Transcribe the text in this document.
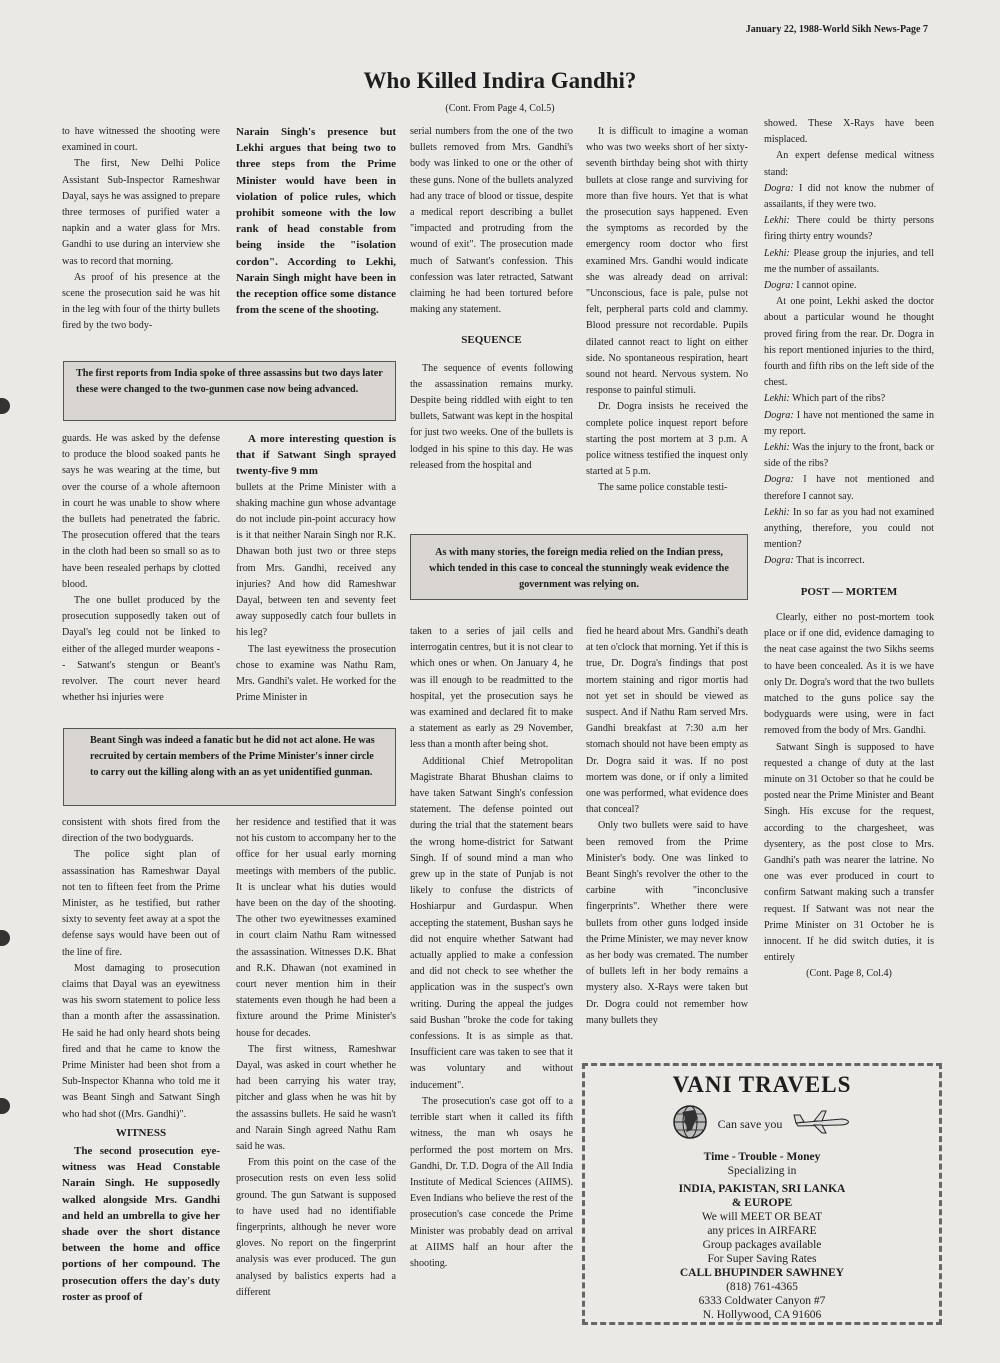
January 22, 1988-World Sikh News-Page 7
Who Killed Indira Gandhi?
(Cont. From Page 4, Col.5)

to have witnessed the shooting were examined in court.

The first, New Delhi Police Assistant Sub-Inspector Rameshwar Dayal, says he was assigned to prepare three termoses of purified water a napkin and a water glass for Mrs. Gandhi to use during an interview she was to record that morning.

As proof of his presence at the scene the prosecution said he was hit in the leg with four of the thirty bullets fired by the two body-

Narain Singh's presence but Lekhi argues that being two to three steps from the Prime Minister would have been in violation of police rules, which prohibit someone with the low rank of head constable from being inside the "isolation cordon". According to Lekhi, Narain Singh might have been in the reception office some distance from the scene of the shooting.

The first reports from India spoke of three assassins but two days later these were changed to the two-gunmen case now being advanced.

serial numbers from the one of the two bullets removed from Mrs. Gandhi's body was linked to one or the other of these guns. None of the bullets analyzed had any trace of blood or tissue, despite a medical report describing a bullet "impacted and protruding from the wound of exit". The prosecution made much of Satwant's confession. This confession was later retracted, Satwant claiming he had been tortured before making any statement.

SEQUENCE

The sequence of events following the assassination remains murky. Despite being riddled with eight to ten bullets, Satwant was kept in the hospital for just two weeks. One of the bullets is lodged in his spine to this day. He was released from the hospital and

It is difficult to imagine a woman who was two weeks short of her sixty-seventh birthday being shot with thirty bullets at close range and surviving for more than five hours. Yet that is what the prosecution says happened. Even the symptoms as recorded by the emergency room doctor who first examined Mrs. Gandhi would indicate she was already dead on arrival: "Unconscious, face is pale, pulse not felt, perpheral parts cold and clammy. Blood pressure not recordable. Pupils dilated cannot react to light on either side. No spontaneous respiration, heart sound not heard. Nervous system. No response to painful stimuli.

Dr. Dogra insists he received the complete police inquest report before starting the post mortem at 3 p.m. A police witness testified the inquest only started at 5 p.m.

The same police constable testi-

As with many stories, the foreign media relied on the Indian press, which tended in this case to conceal the stunningly weak evidence the government was relying on.

showed. These X-Rays have been misplaced.

An expert defense medical witness stand:

Dogra: I did not know the nubmer of assailants, if they were two.

Lekhi: There could be thirty persons firing thirty entry wounds?

Lekhi: Please group the injuries, and tell me the number of assailants.

Dogra: I cannot opine.

At one point, Lekhi asked the doctor about a particular wound he thought proved firing from the rear. Dr. Dogra in his report mentioned injuries to the third, fourth and fifth ribs on the left side of the chest.

Lekhi: Which part of the ribs?

Dogra: I have not mentioned the same in my report.

Lekhi: Was the injury to the front, back or side of the ribs?

Dogra: I have not mentioned and therefore I cannot say.

Lekhi: In so far as you had not examined anything, therefore, you could not mention?

Dogra: That is incorrect.

POST — MORTEM

Clearly, either no post-mortem took place or if one did, evidence damaging to the neat case against the two Sikhs seems to have been concealed. As it is we have only Dr. Dogra's word that the two bullets matched to the guns police say the bodyguards were using, were in fact removed from the body of Mrs. Gandhi.

Satwant Singh is supposed to have requested a change of duty at the last minute on 31 October so that he could be posted near the Prime Minister and Beant Singh. His excuse for the request, according to the chargesheet, was dysentery, as the post close to Mrs. Gandhi's path was nearer the latrine. No one was ever produced in court to confirm Satwant making such a transfer request. If Satwant was not near the Prime Minister on 31 October he is innocent. If he did switch duties, it is entirely

(Cont. Page 8, Col.4)

guards. He was asked by the defense to produce the blood soaked pants he says he was wearing at the time, but over the course of a whole afternoon in court he was unable to show where the bullets had penetrated the fabric. The prosecution offered that the tears in the cloth had been so small so as to have been resealed perhaps by clotted blood.

The one bullet produced by the prosecution supposedly taken out of Dayal's leg could not be linked to either of the alleged murder weapons -- Satwant's stengun or Beant's revolver. The court never heard whether hsi injuries were

A more interesting question is that if Satwant Singh sprayed twenty-five 9 mm

bullets at the Prime Minister with a shaking machine gun whose advantage do not include pin-point accuracy how is it that neither Narain Singh nor R.K. Dhawan both just two or three steps from Mrs. Gandhi, received any injuries? And how did Rameshwar Dayal, between ten and seventy feet away supposedly catch four bullets in his leg?

The last eyewitness the prosecution chose to examine was Nathu Ram, Mrs. Gandhi's valet. He worked for the Prime Minister in

Beant Singh was indeed a fanatic but he did not act alone. He was recruited by certain members of the Prime Minister's inner circle to carry out the killing along with an as yet unidentified gunman.

taken to a series of jail cells and interrogatin centres, but it is not clear to which ones or when. On January 4, he was ill enough to be readmitted to the hospital, yet the prosecution says he was examined and declared fit to make a statement as early as 29 November, less than a month after being shot.

Additional Chief Metropolitan Magistrate Bharat Bhushan claims to have taken Satwant Singh's confession statement. The defense pointed out during the trial that the statement bears the wrong home-district for Satwant Singh. If of sound mind a man who grew up in the state of Punjab is not likely to confuse the districts of Hoshiarpur and Gurdaspur. When accepting the statement, Bushan says he did not enquire whether Satwant had actually applied to make a confession and did not check to see whether the application was in the suspect's own writing. During the appeal the judges said Bushan "broke the code for taking confessions. It is as simple as that. Insufficient care was taken to see that it was voluntary and without inducement".

The prosecution's case got off to a terrible start when it called its fifth witness, the man wh osays he performed the post mortem on Mrs. Gandhi, Dr. T.D. Dogra of the All India Institute of Medical Sciences (AIIMS). Even Indians who believe the rest of the prosecution's case concede the Prime Minister was probably dead on arrival at AIIMS half an hour after the shooting.

fied he heard about Mrs. Gandhi's death at ten o'clock that morning. Yet if this is true, Dr. Dogra's findings that post mortem staining and rigor mortis had not yet set in should be viewed as suspect. And if Nathu Ram served Mrs. Gandhi breakfast at 7:30 a.m her stomach should not have been empty as Dr. Dogra said it was. If no post mortem was done, or if only a limited one was performed, what evidence does that conceal?

Only two bullets were said to have been removed from the Prime Minister's body. One was linked to Beant Singh's revolver the other to the carbine with "inconclusive fingerprints". Whether there were bullets from other guns lodged inside the Prime Minister, we may never know as her body was cremated. The number of bullets left in her body remains a mystery also. X-Rays were taken but Dr. Dogra could not remember how many bullets they

consistent with shots fired from the direction of the two bodyguards.

The police sight plan of assassination has Rameshwar Dayal not ten to fifteen feet from the Prime Minister, as he testified, but rather sixty to seventy feet away at a spot the defense says would have been out of the line of fire.

Most damaging to prosecution claims that Dayal was an eyewitness was his sworn statement to police less than a month after the assassination. He said he had only heard shots being fired and that he came to know the Prime Minister had been shot from a Sub-Inspector Khanna who told me it was Beant Singh and Satwant Singh who had shot ((Mrs. Gandhi)".

WITNESS

The second prosecution eye-witness was Head Constable Narain Singh. He supposedly walked alongside Mrs. Gandhi and held an umbrella to give her shade over the short distance between the home and office portions of her compound. The prosecution offers the day's duty roster as proof of

her residence and testified that it was not his custom to accompany her to the office for her usual early morning meetings with members of the public. It is unclear what his duties would have been on the day of the shooting. The other two eyewitnesses examined in court claim Nathu Ram witnessed the assassination. Witnesses D.K. Bhat and R.K. Dhawan (not examined in court never mention him in their statements even though he had been a fixture around the Prime Minister's house for decades.

The first witness, Rameshwar Dayal, was asked in court whether he had been carrying his water tray, pitcher and glass when he was hit by the assassins bullets. He said he wasn't and Narain Singh agreed Nathu Ram said he was.

From this point on the case of the prosecution rests on even less solid ground. The gun Satwant is supposed to have used had no identifiable fingerprints, although he never wore gloves. No report on the fingerprint analysis was ever produced. The gun analysed by balistics experts had a different

VANI TRAVELS
Can save you
Time - Trouble - Money
Specializing in
INDIA, PAKISTAN, SRI LANKA
& EUROPE
We will MEET OR BEAT
any prices in AIRFARE
Group packages available
For Super Saving Rates
CALL BHUPINDER SAWHNEY
(818) 761-4365
6333 Coldwater Canyon #7
N. Hollywood, CA 91606
